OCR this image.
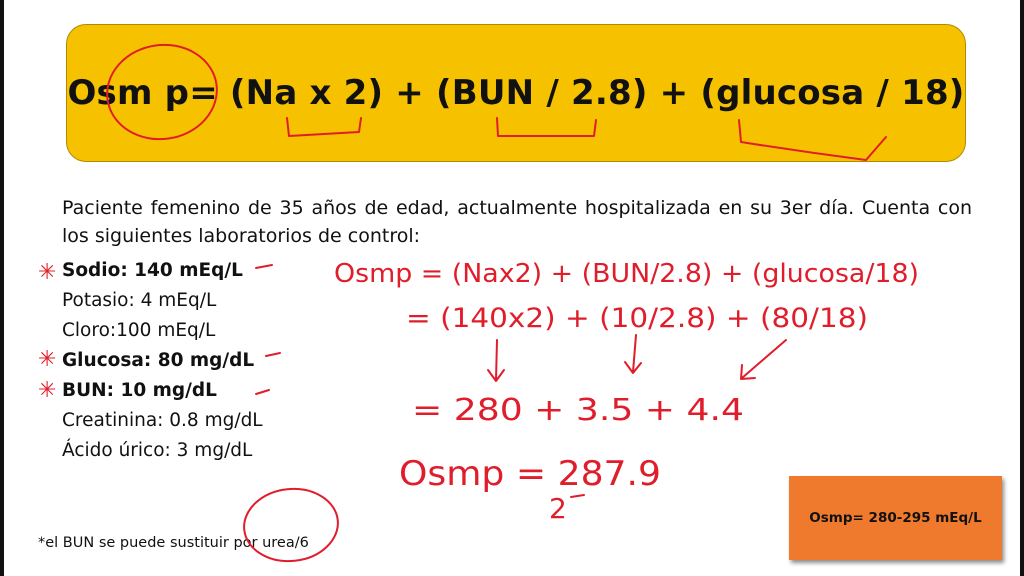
Osm p= (Na x 2) + (BUN / 2.8) + (glucosa / 18)
Paciente femenino de 35 años de edad, actualmente hospitalizada en su 3er día. Cuenta con los siguientes laboratorios de control:
Sodio: 140 mEq/L
Potasio: 4 mEq/L
Cloro:100 mEq/L
Glucosa: 80 mg/dL
BUN: 10 mg/dL
Creatinina: 0.8 mg/dL
Ácido úrico: 3 mg/dL
*el BUN se puede sustituir por urea/6
Osmp= 280-295 mEq/L
✳
✳
✳
Osmp = (Nax2) + (BUN/2.8) + (glucosa/18)
= (140x2) + (10/2.8) + (80/18)
= 280 + 3.5 + 4.4
Osmp = 287.9
2
